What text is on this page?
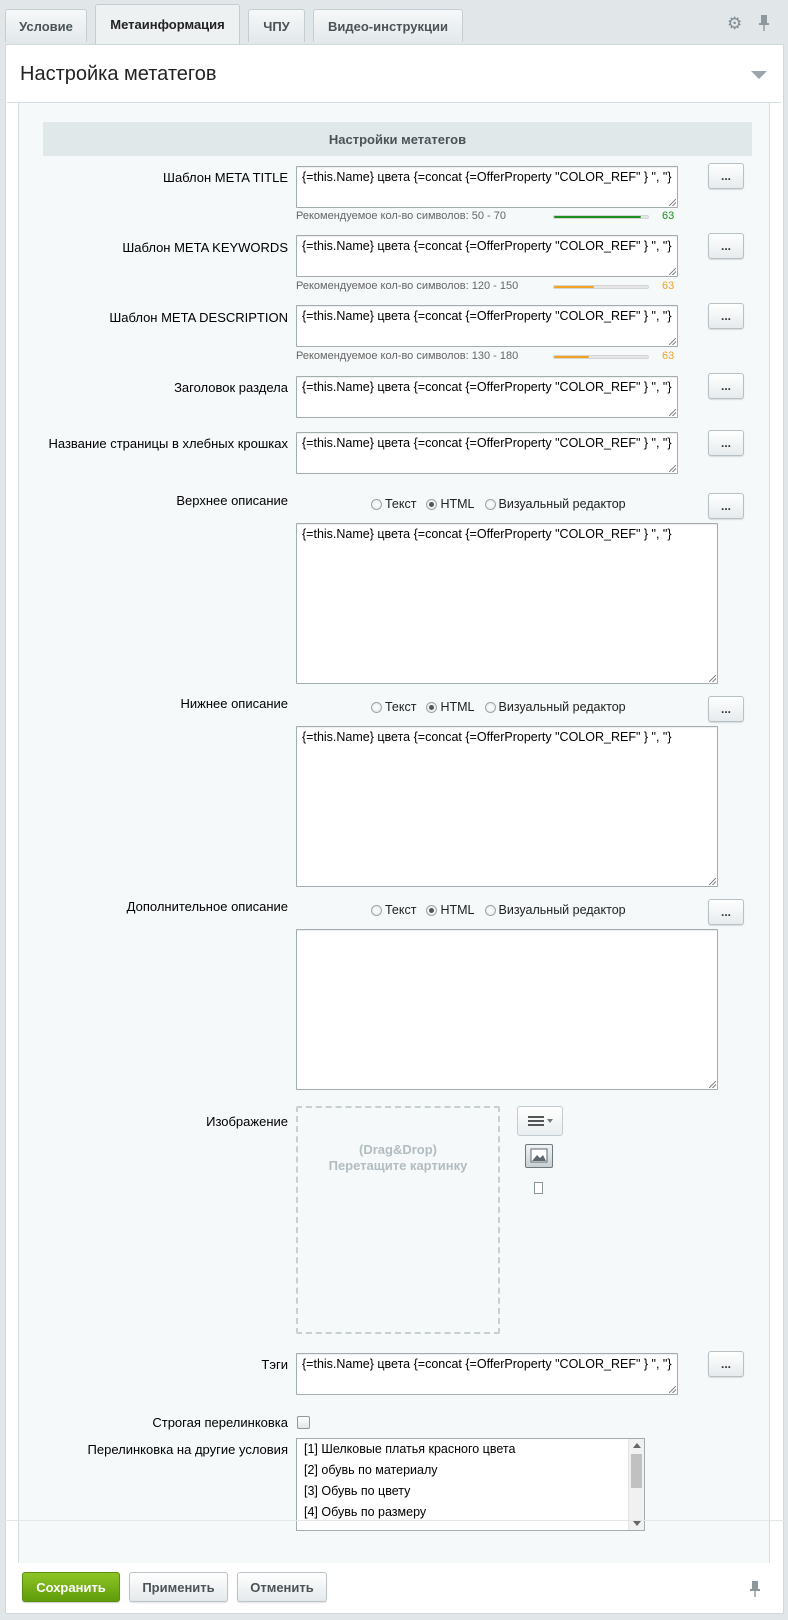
Условие	Метаинформация	ЧПУ	Видео-инструкции	⚙
Настройка метатегов
Настройки метатегов
Шаблон META TITLE	{=this.Name} цвета {=concat {=OfferProperty "COLOR_REF" } ", "}	...
Рекомендуемое кол-во символов: 50 - 70	63
Шаблон META KEYWORDS	{=this.Name} цвета {=concat {=OfferProperty "COLOR_REF" } ", "}	...
Рекомендуемое кол-во символов: 120 - 150	63
Шаблон META DESCRIPTION	{=this.Name} цвета {=concat {=OfferProperty "COLOR_REF" } ", "}	...
Рекомендуемое кол-во символов: 130 - 180	63
Заголовок раздела	{=this.Name} цвета {=concat {=OfferProperty "COLOR_REF" } ", "}	...
Название страницы в хлебных крошках	{=this.Name} цвета {=concat {=OfferProperty "COLOR_REF" } ", "}	...
Верхнее описание	Текст HTML Визуальный редактор	...
{=this.Name} цвета {=concat {=OfferProperty "COLOR_REF" } ", "}
Нижнее описание	Текст HTML Визуальный редактор	...
{=this.Name} цвета {=concat {=OfferProperty "COLOR_REF" } ", "}
Дополнительное описание	Текст HTML Визуальный редактор	...
Изображение
(Drag&Drop)
Перетащите картинку
Тэги	{=this.Name} цвета {=concat {=OfferProperty "COLOR_REF" } ", "}	...
Строгая перелинковка
Перелинковка на другие условия	[1] Шелковые платья красного цвета
[2] обувь по материалу
[3] Обувь по цвету
[4] Обувь по размеру
Сохранить	Применить	Отменить
